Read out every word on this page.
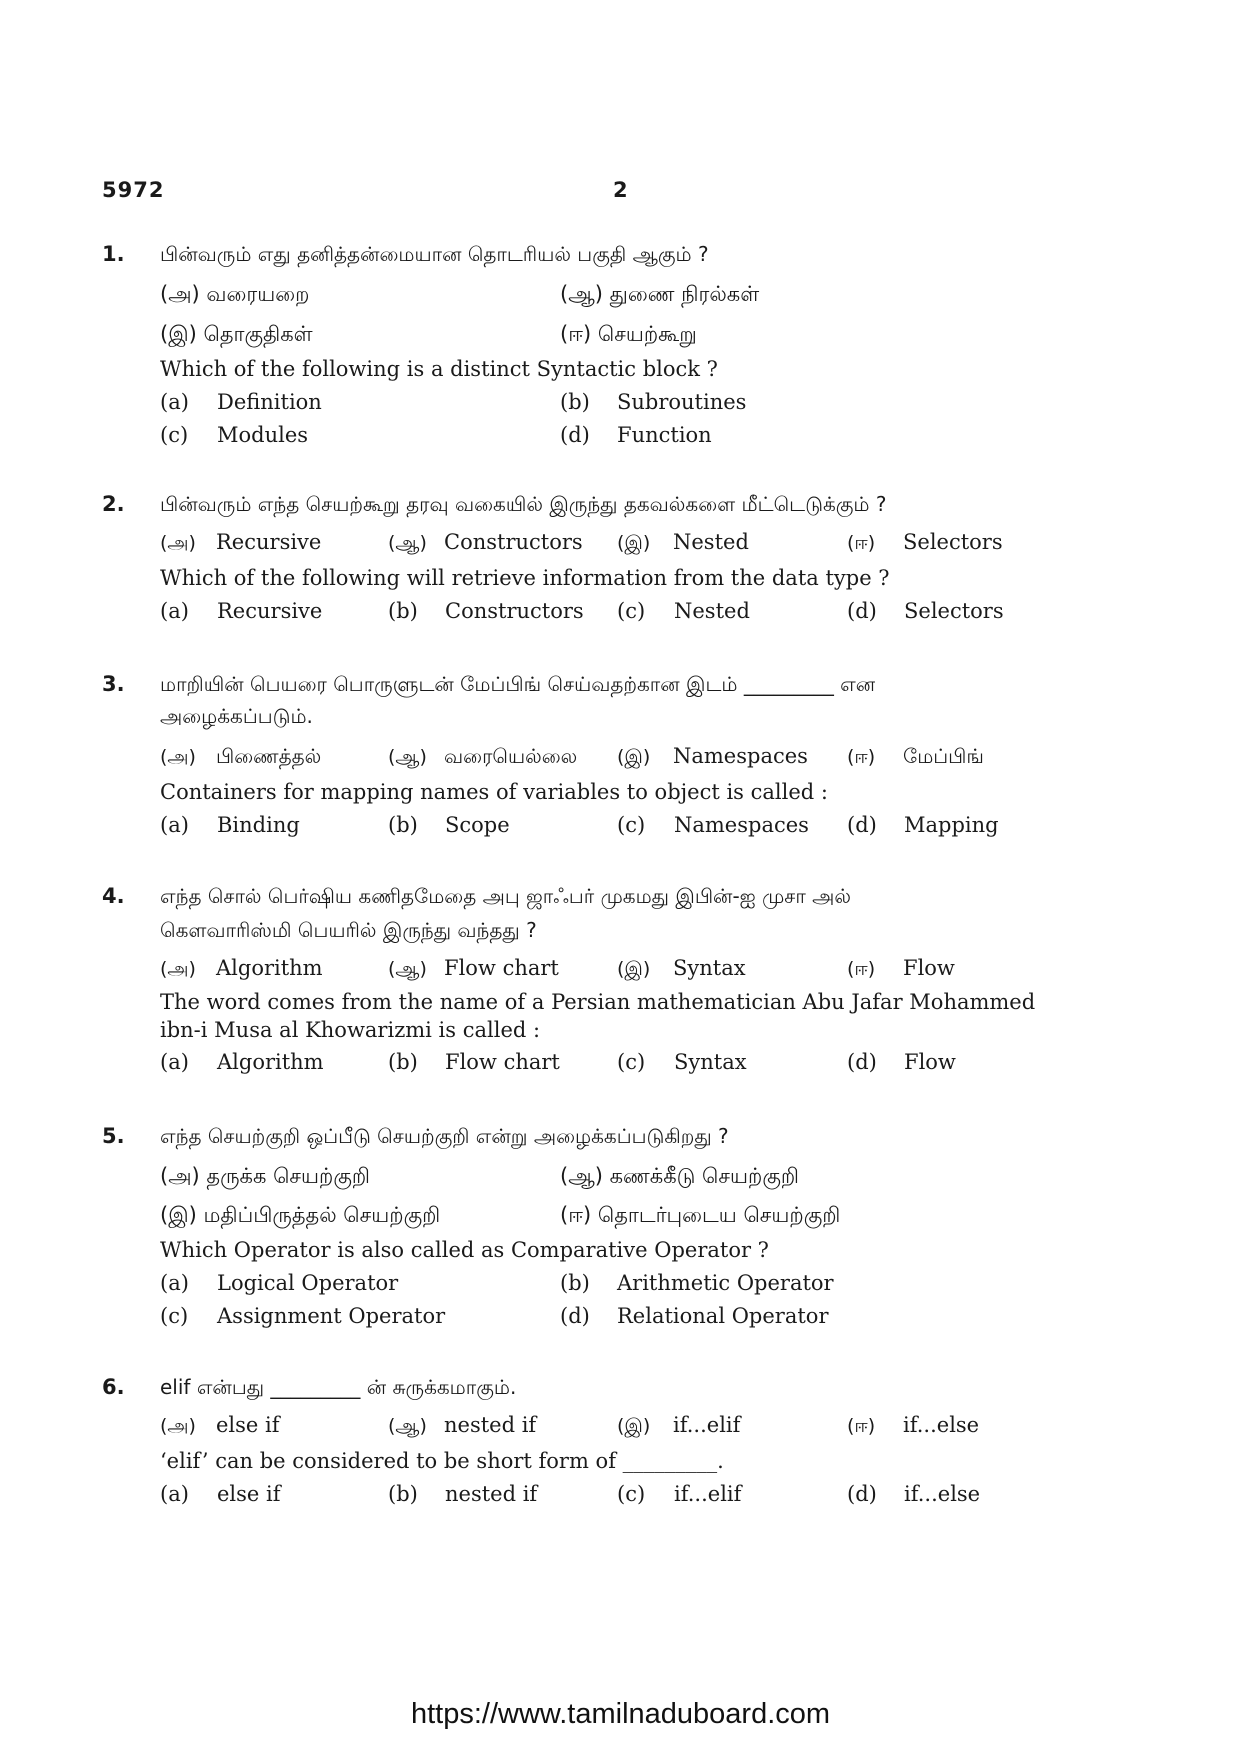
5972	2
1. பின்வரும் எது தனித்தன்மையான தொடரியல் பகுதி ஆகும் ?
(அ) வரையறை	(ஆ) துணை நிரல்கள்
(இ) தொகுதிகள்	(ஈ) செயற்கூறு
Which of the following is a distinct Syntactic block ?
(a) Definition	(b) Subroutines
(c) Modules	(d) Function
2. பின்வரும் எந்த செயற்கூறு தரவு வகையில் இருந்து தகவல்களை மீட்டெடுக்கும் ?
(அ) Recursive	(ஆ) Constructors (இ) Nested	(ஈ) Selectors
Which of the following will retrieve information from the data type ?
(a) Recursive	(b) Constructors (c) Nested	(d) Selectors
3. மாறியின் பெயரை பொருளுடன் மேப்பிங் செய்வதற்கான இடம் _________ என
அழைக்கப்படும்.
(அ) பிணைத்தல்	(ஆ) வரையெல்லை (இ) Namespaces (ஈ) மேப்பிங்
Containers for mapping names of variables to object is called :
(a) Binding	(b) Scope	(c) Namespaces (d) Mapping
4. எந்த சொல் பெர்ஷிய கணிதமேதை அபு ஜாஃபர் முகமது இபின்-ஐ முசா அல்
கௌவாரிஸ்மி பெயரில் இருந்து வந்தது ?
(அ) Algorithm	(ஆ) Flow chart	(இ) Syntax	(ஈ) Flow
The word comes from the name of a Persian mathematician Abu Jafar Mohammed
ibn-i Musa al Khowarizmi is called :
(a) Algorithm	(b) Flow chart	(c) Syntax	(d) Flow
5. எந்த செயற்குறி ஒப்பீடு செயற்குறி என்று அழைக்கப்படுகிறது ?
(அ) தருக்க செயற்குறி	(ஆ) கணக்கீடு செயற்குறி
(இ) மதிப்பிருத்தல் செயற்குறி	(ஈ) தொடர்புடைய செயற்குறி
Which Operator is also called as Comparative Operator ?
(a) Logical Operator	(b) Arithmetic Operator
(c) Assignment Operator	(d) Relational Operator
6. elif என்பது _________ ன் சுருக்கமாகும்.
(அ) else if	(ஆ) nested if	(இ) if...elif	(ஈ) if...else
‘elif’ can be considered to be short form of _________.
(a) else if	(b) nested if	(c) if...elif	(d) if...else
https://www.tamilnaduboard.com
